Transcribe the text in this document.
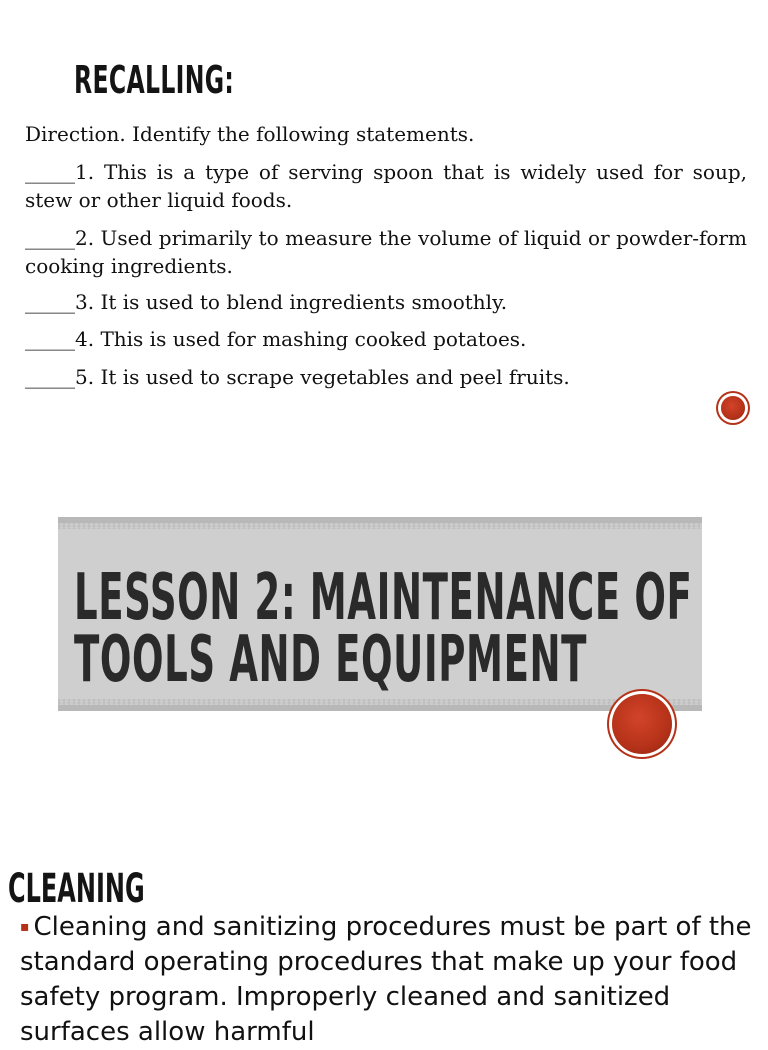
RECALLING:
Direction. Identify the following statements.
_____1. This is a type of serving spoon that is widely used for soup, stew or other liquid foods.
_____2. Used primarily to measure the volume of liquid or powder-form cooking ingredients.
_____3. It is used to blend ingredients smoothly.
_____4. This is used for mashing cooked potatoes.
_____5. It is used to scrape vegetables and peel fruits.
LESSON 2: MAINTENANCE OF
TOOLS AND EQUIPMENT
CLEANING
▪ Cleaning and sanitizing procedures must be part of the standard operating procedures that make up your food safety program. Improperly cleaned and sanitized surfaces allow harmful
